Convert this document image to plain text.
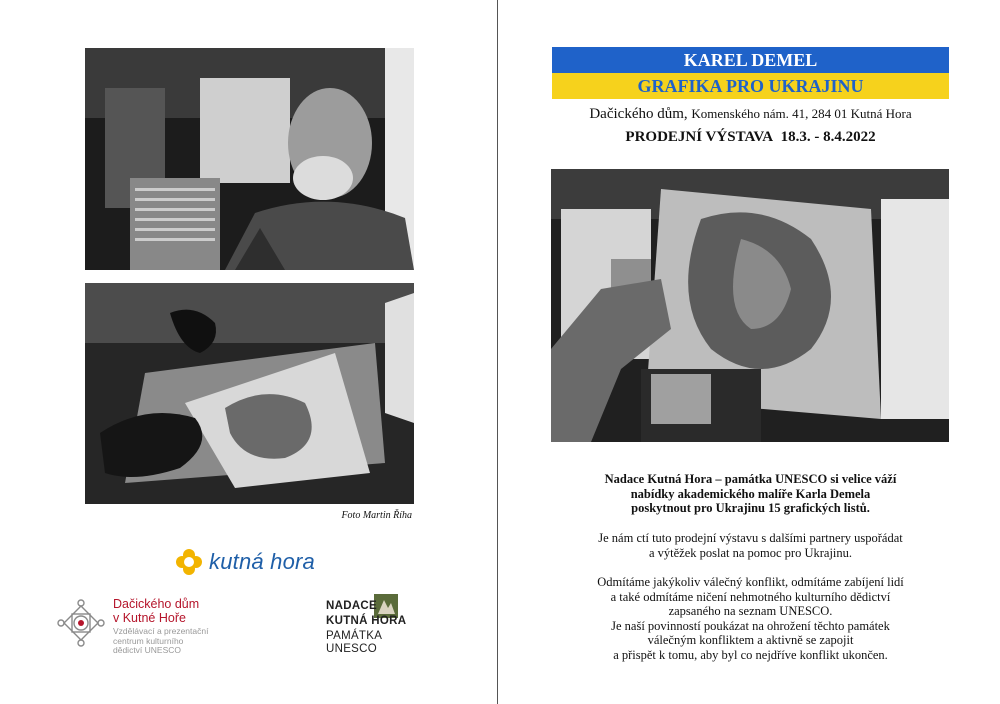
Foto Martin Říha
kutná hora
Dačického dům
v Kutné Hoře
Vzdělávací a prezentační
centrum kulturního
dědictví UNESCO
NADACE
KUTNÁ HORA
PAMÁTKA UNESCO
KAREL DEMEL
GRAFIKA PRO UKRAJINU
Dačického dům, Komenského nám. 41, 284 01 Kutná Hora
PRODEJNÍ VÝSTAVA 18.3. - 8.4.2022
Nadace Kutná Hora – památka UNESCO si velice váží
nabídky akademického malíře Karla Demela
poskytnout pro Ukrajinu 15 grafických listů.
Je nám ctí tuto prodejní výstavu s dalšími partnery uspořádat
a výtěžek poslat na pomoc pro Ukrajinu.
Odmítáme jakýkoliv válečný konflikt, odmítáme zabíjení lidí
a také odmítáme ničení nehmotného kulturního dědictví
zapsaného na seznam UNESCO.
Je naší povinností poukázat na ohrožení těchto památek
válečným konfliktem a aktivně se zapojit
a přispět k tomu, aby byl co nejdříve konflikt ukončen.
